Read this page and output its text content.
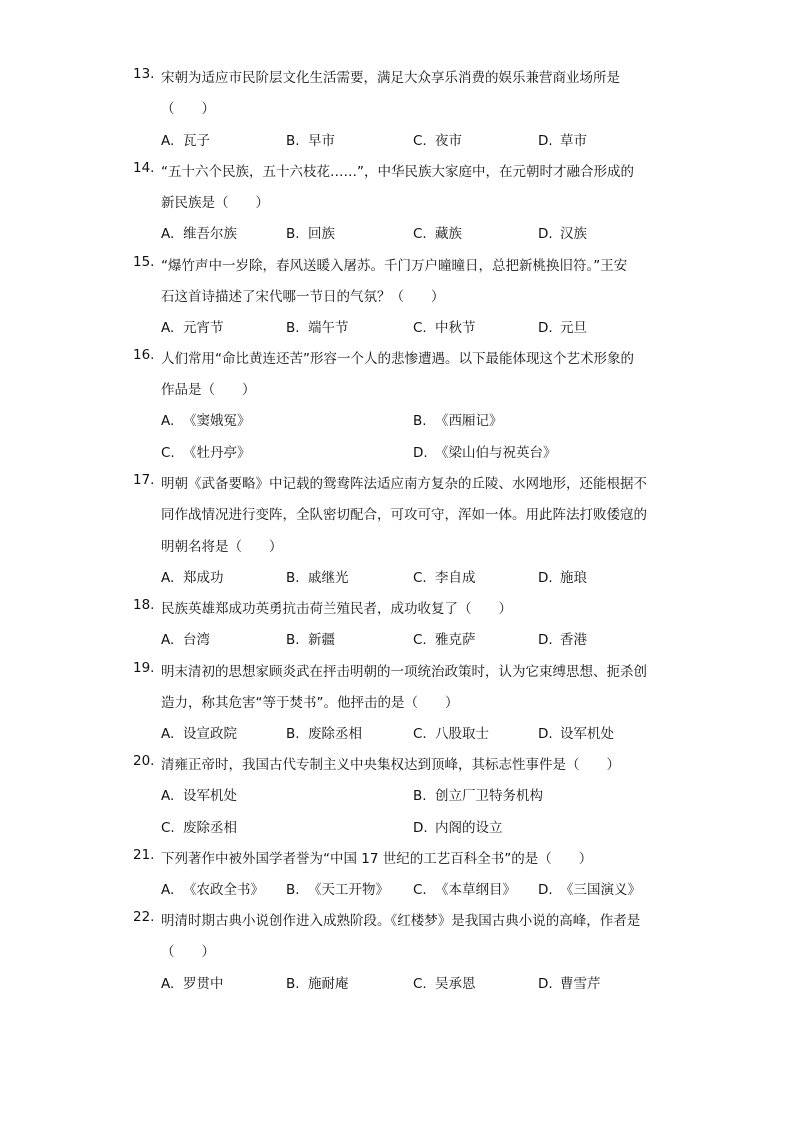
13. 宋朝为适应市民阶层文化生活需要，满足大众享乐消费的娱乐兼营商业场所是
（　　）
A. 瓦子	B. 早市	C. 夜市	D. 草市
14. “五十六个民族，五十六枝花……”，中华民族大家庭中，在元朝时才融合形成的
新民族是（　　）
A. 维吾尔族	B. 回族	C. 藏族	D. 汉族
15. “爆竹声中一岁除，春风送暖入屠苏。千门万户曈曈日，总把新桃换旧符。”王安
石这首诗描述了宋代哪一节日的气氛？（　　）
A. 元宵节	B. 端午节	C. 中秋节	D. 元旦
16. 人们常用“命比黄连还苦”形容一个人的悲惨遭遇。以下最能体现这个艺术形象的
作品是（　　）
A. 《窦娥冤》	B. 《西厢记》
C. 《牡丹亭》	D. 《梁山伯与祝英台》
17. 明朝《武备要略》中记载的鸳鸯阵法适应南方复杂的丘陵、水网地形，还能根据不
同作战情况进行变阵，全队密切配合，可攻可守，浑如一体。用此阵法打败倭寇的
明朝名将是（　　）
A. 郑成功	B. 戚继光	C. 李自成	D. 施琅
18. 民族英雄郑成功英勇抗击荷兰殖民者，成功收复了（　　）
A. 台湾	B. 新疆	C. 雅克萨	D. 香港
19. 明末清初的思想家顾炎武在抨击明朝的一项统治政策时，认为它束缚思想、扼杀创
造力，称其危害“等于焚书”。他抨击的是（　　）
A. 设宣政院	B. 废除丞相	C. 八股取士	D. 设军机处
20. 清雍正帝时，我国古代专制主义中央集权达到顶峰，其标志性事件是（　　）
A. 设军机处	B. 创立厂卫特务机构
C. 废除丞相	D. 内阁的设立
21. 下列著作中被外国学者誉为“中国 17 世纪的工艺百科全书”的是（　　）
A. 《农政全书》 B. 《天工开物》 C. 《本草纲目》 D. 《三国演义》
22. 明清时期古典小说创作进入成熟阶段。《红楼梦》是我国古典小说的高峰，作者是
（　　）
A. 罗贯中	B. 施耐庵	C. 吴承恩	D. 曹雪芹
